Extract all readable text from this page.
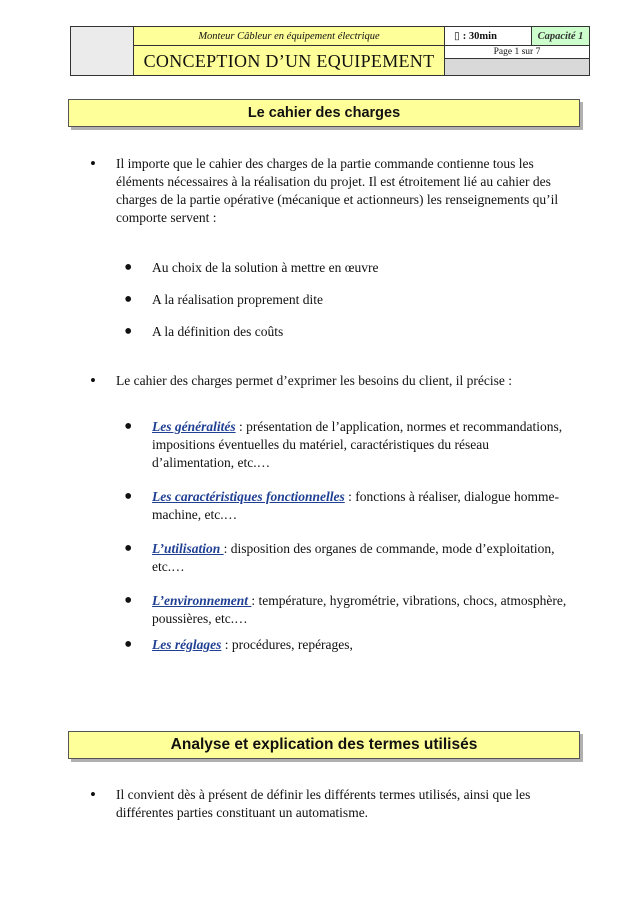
Monteur Câbleur en équipement électrique
CONCEPTION D’UN EQUIPEMENT
▯ : 30min	Capacité 1
Page 1 sur 7
Le cahier des charges

• Il importe que le cahier des charges de la partie commande contienne tous les éléments nécessaires à la réalisation du projet. Il est étroitement lié au cahier des charges de la partie opérative (mécanique et actionneurs) les renseignements qu’il comporte servent :

• Au choix de la solution à mettre en œuvre
• A la réalisation proprement dite
• A la définition des coûts

• Le cahier des charges permet d’exprimer les besoins du client, il précise :

• Les généralités : présentation de l’application, normes et recommandations, impositions éventuelles du matériel, caractéristiques du réseau d’alimentation, etc.…
• Les caractéristiques fonctionnelles : fonctions à réaliser, dialogue homme-machine, etc.…
• L’utilisation : disposition des organes de commande, mode d’exploitation, etc.…
• L’environnement : température, hygrométrie, vibrations, chocs, atmosphère, poussières, etc.…
• Les réglages : procédures, repérages,
Analyse et explication des termes utilisés

• Il convient dès à présent de définir les différents termes utilisés, ainsi que les différentes parties constituant un automatisme.
